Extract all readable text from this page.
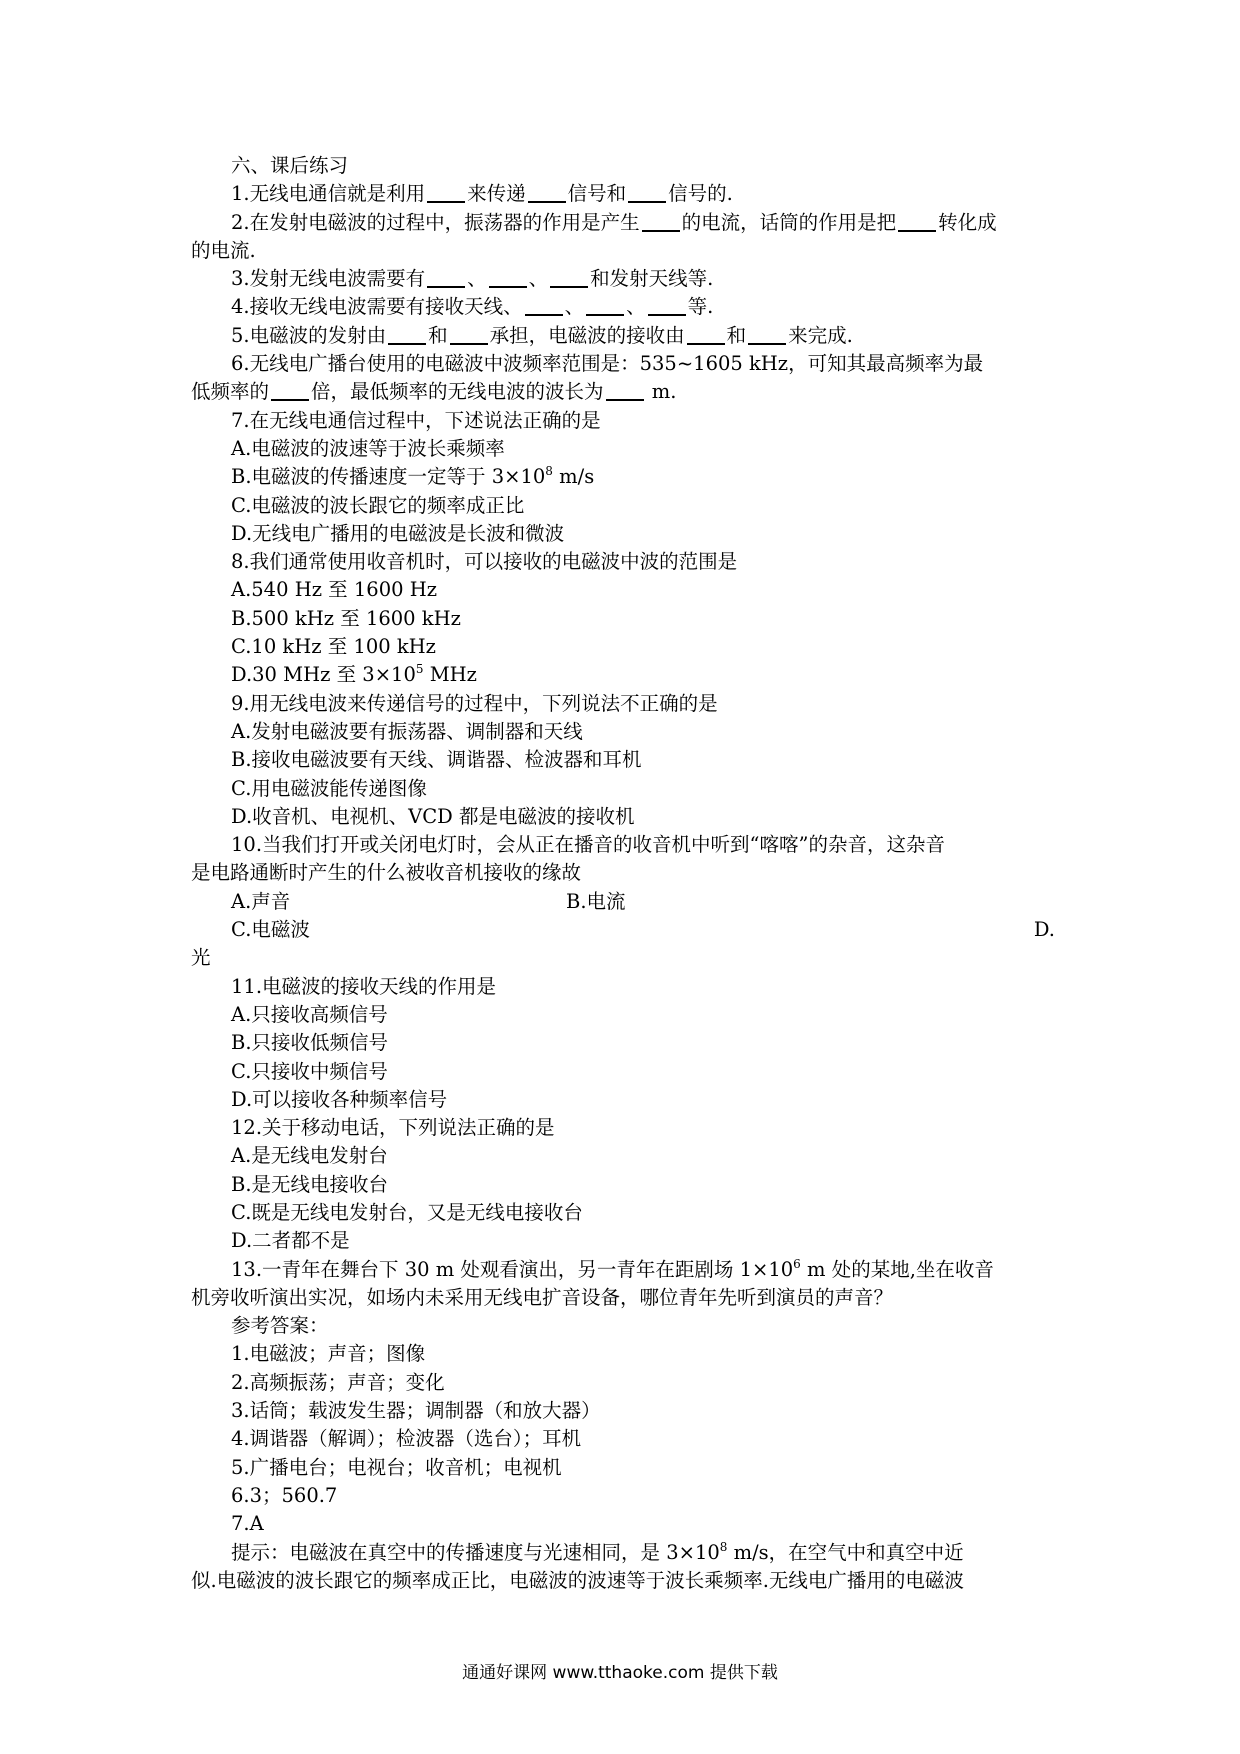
六、课后练习
1.无线电通信就是利用 来传递 信号和 信号的.
2.在发射电磁波的过程中，振荡器的作用是产生 的电流，话筒的作用是把 转化成
的电流.
3.发射无线电波需要有 、 、 和发射天线等.
4.接收无线电波需要有接收天线、 、 、 等.
5.电磁波的发射由 和 承担，电磁波的接收由 和 来完成.
6.无线电广播台使用的电磁波中波频率范围是：535~1605 kHz，可知其最高频率为最
低频率的 倍，最低频率的无线电波的波长为 m.
7.在无线电通信过程中，下述说法正确的是
A.电磁波的波速等于波长乘频率
B.电磁波的传播速度一定等于 $3\times 10^8$ m/s
C.电磁波的波长跟它的频率成正比
D.无线电广播用的电磁波是长波和微波
8.我们通常使用收音机时，可以接收的电磁波中波的范围是
A.540 Hz 至 1600 Hz
B.500 kHz 至 1600 kHz
C.10 kHz 至 100 kHz
D.30 MHz 至 $3\times 10^5$ MHz
9.用无线电波来传递信号的过程中，下列说法不正确的是
A.发射电磁波要有振荡器、调制器和天线
B.接收电磁波要有天线、调谐器、检波器和耳机
C.用电磁波能传递图像
D.收音机、电视机、VCD 都是电磁波的接收机
10.当我们打开或关闭电灯时，会从正在播音的收音机中听到“喀喀”的杂音，这杂音
是电路通断时产生的什么被收音机接收的缘故
A.声音	B.电流
C.电磁波	D.
光
11.电磁波的接收天线的作用是
A.只接收高频信号
B.只接收低频信号
C.只接收中频信号
D.可以接收各种频率信号
12.关于移动电话，下列说法正确的是
A.是无线电发射台
B.是无线电接收台
C.既是无线电发射台，又是无线电接收台
D.二者都不是
13.一青年在舞台下 30 m 处观看演出，另一青年在距剧场 $1\times 10^6$ m 处的某地,坐在收音
机旁收听演出实况，如场内未采用无线电扩音设备，哪位青年先听到演员的声音？
参考答案：
1.电磁波；声音；图像
2.高频振荡；声音；变化
3.话筒；载波发生器；调制器（和放大器）
4.调谐器（解调）；检波器（选台）；耳机
5.广播电台；电视台；收音机；电视机
6.3；560.7
7.A
提示：电磁波在真空中的传播速度与光速相同，是 $3\times 10^8$ m/s，在空气中和真空中近
似.电磁波的波长跟它的频率成正比，电磁波的波速等于波长乘频率.无线电广播用的电磁波
通通好课网 www.tthaoke.com 提供下载
